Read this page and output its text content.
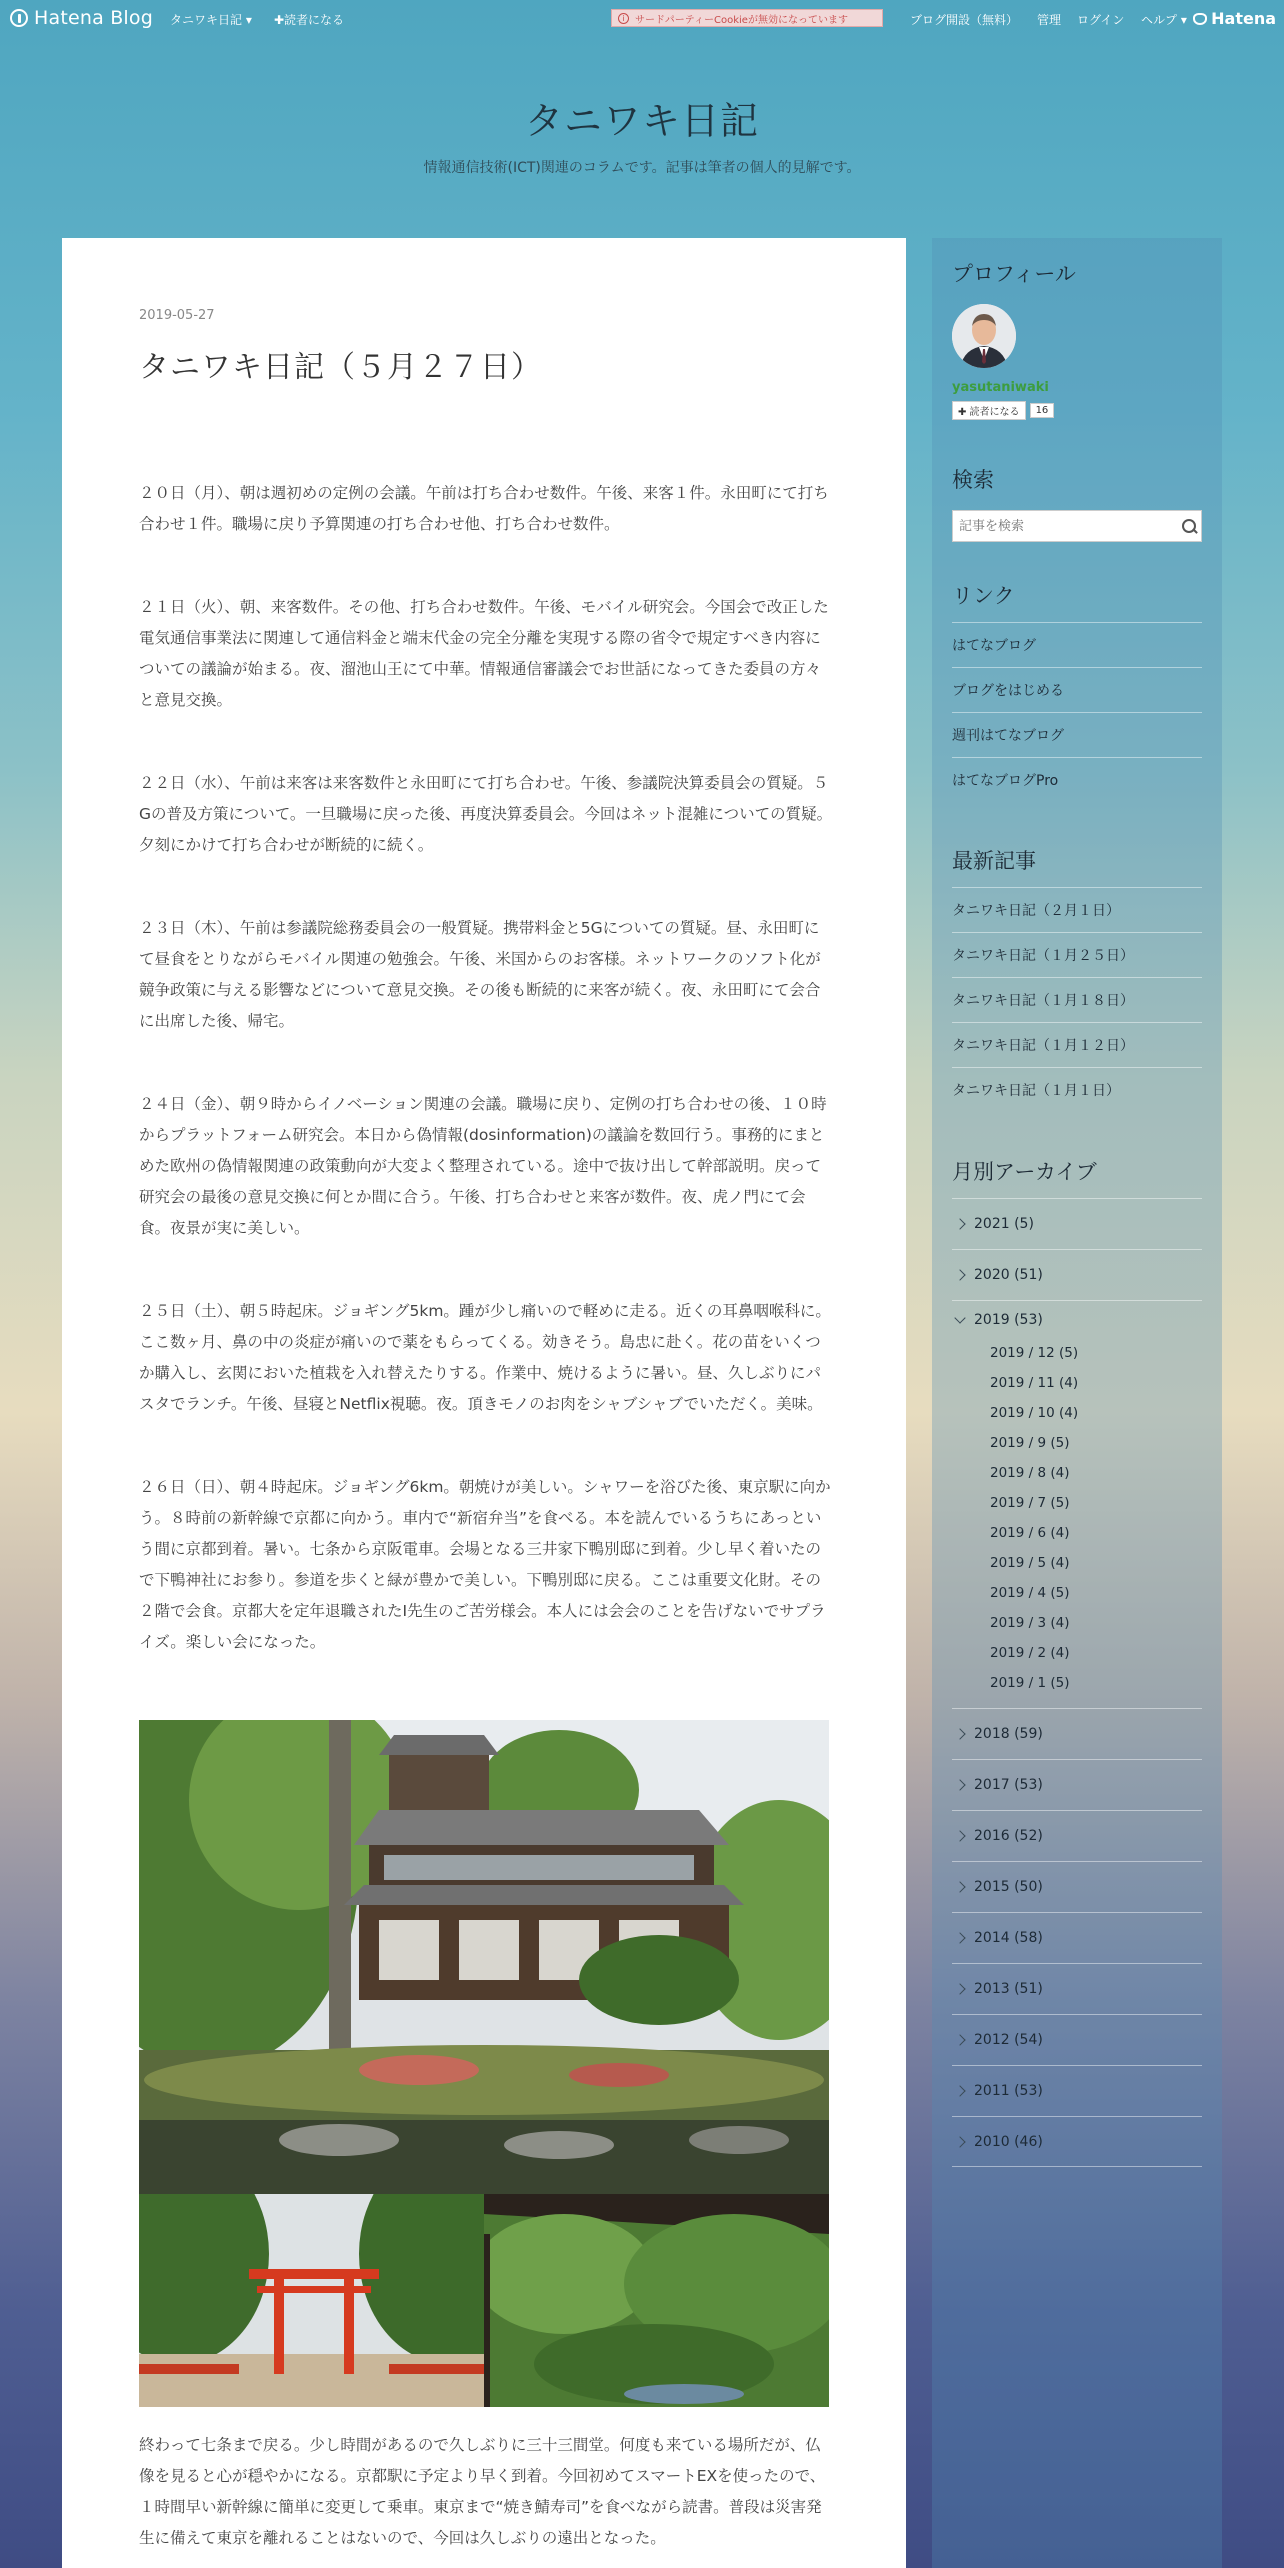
Hatena Blog タニワキ日記 ▾ ✚読者になる	i	サードパーティーCookieが無効になっています	ブログ開設（無料） 管理 ログイン ヘルプ ▾ Hatena
タニワキ日記
情報通信技術(ICT)関連のコラムです。記事は筆者の個人的見解です。
2019-05-27
タニワキ日記（５月２７日）

２０日（月）、朝は週初めの定例の会議。午前は打ち合わせ数件。午後、来客１件。永田町にて打ち合わせ１件。職場に戻り予算関連の打ち合わせ他、打ち合わせ数件。

２１日（火）、朝、来客数件。その他、打ち合わせ数件。午後、モバイル研究会。今国会で改正した電気通信事業法に関連して通信料金と端末代金の完全分離を実現する際の省令で規定すべき内容についての議論が始まる。夜、溜池山王にて中華。情報通信審議会でお世話になってきた委員の方々と意見交換。

２２日（水）、午前は来客は来客数件と永田町にて打ち合わせ。午後、参議院決算委員会の質疑。５Gの普及方策について。一旦職場に戻った後、再度決算委員会。今回はネット混雑についての質疑。夕刻にかけて打ち合わせが断続的に続く。

２３日（木）、午前は参議院総務委員会の一般質疑。携帯料金と5Gについての質疑。昼、永田町にて昼食をとりながらモバイル関連の勉強会。午後、米国からのお客様。ネットワークのソフト化が競争政策に与える影響などについて意見交換。その後も断続的に来客が続く。夜、永田町にて会合に出席した後、帰宅。

２４日（金）、朝９時からイノベーション関連の会議。職場に戻り、定例の打ち合わせの後、１０時からプラットフォーム研究会。本日から偽情報(dosinformation)の議論を数回行う。事務的にまとめた欧州の偽情報関連の政策動向が大変よく整理されている。途中で抜け出して幹部説明。戻って研究会の最後の意見交換に何とか間に合う。午後、打ち合わせと来客が数件。夜、虎ノ門にて会食。夜景が実に美しい。

２５日（土）、朝５時起床。ジョギング5km。踵が少し痛いので軽めに走る。近くの耳鼻咽喉科に。ここ数ヶ月、鼻の中の炎症が痛いので薬をもらってくる。効きそう。島忠に赴く。花の苗をいくつか購入し、玄関においた植栽を入れ替えたりする。作業中、焼けるように暑い。昼、久しぶりにパスタでランチ。午後、昼寝とNetflix視聴。夜。頂きモノのお肉をシャブシャブでいただく。美味。

２６日（日）、朝４時起床。ジョギング6km。朝焼けが美しい。シャワーを浴びた後、東京駅に向かう。８時前の新幹線で京都に向かう。車内で“新宿弁当”を食べる。本を読んでいるうちにあっという間に京都到着。暑い。七条から京阪電車。会場となる三井家下鴨別邸に到着。少し早く着いたので下鴨神社にお参り。参道を歩くと緑が豊かで美しい。下鴨別邸に戻る。ここは重要文化財。その２階で会食。京都大を定年退職されたI先生のご苦労様会。本人には会会のことを告げないでサプライズ。楽しい会になった。

終わって七条まで戻る。少し時間があるので久しぶりに三十三間堂。何度も来ている場所だが、仏像を見ると心が穏やかになる。京都駅に予定より早く到着。今回初めてスマートEXを使ったので、１時間早い新幹線に簡単に変更して乗車。東京まで“焼き鯖寿司”を食べながら読書。普段は災害発生に備えて東京を離れることはないので、今回は久しぶりの遠出となった。
プロフィール
yasutaniwaki
✚ 読者になる	16
検索
記事を検索
リンク
はてなブログ
ブログをはじめる
週刊はてなブログ
はてなブログPro
最新記事
タニワキ日記（２月１日）
タニワキ日記（１月２５日）
タニワキ日記（１月１８日）
タニワキ日記（１月１２日）
タニワキ日記（１月１日）
月別アーカイブ
2021 (5)
2020 (51)
2019 (53)
2019 / 12 (5)
2019 / 11 (4)
2019 / 10 (4)
2019 / 9 (5)
2019 / 8 (4)
2019 / 7 (5)
2019 / 6 (4)
2019 / 5 (4)
2019 / 4 (5)
2019 / 3 (4)
2019 / 2 (4)
2019 / 1 (5)
2018 (59)
2017 (53)
2016 (52)
2015 (50)
2014 (58)
2013 (51)
2012 (54)
2011 (53)
2010 (46)
